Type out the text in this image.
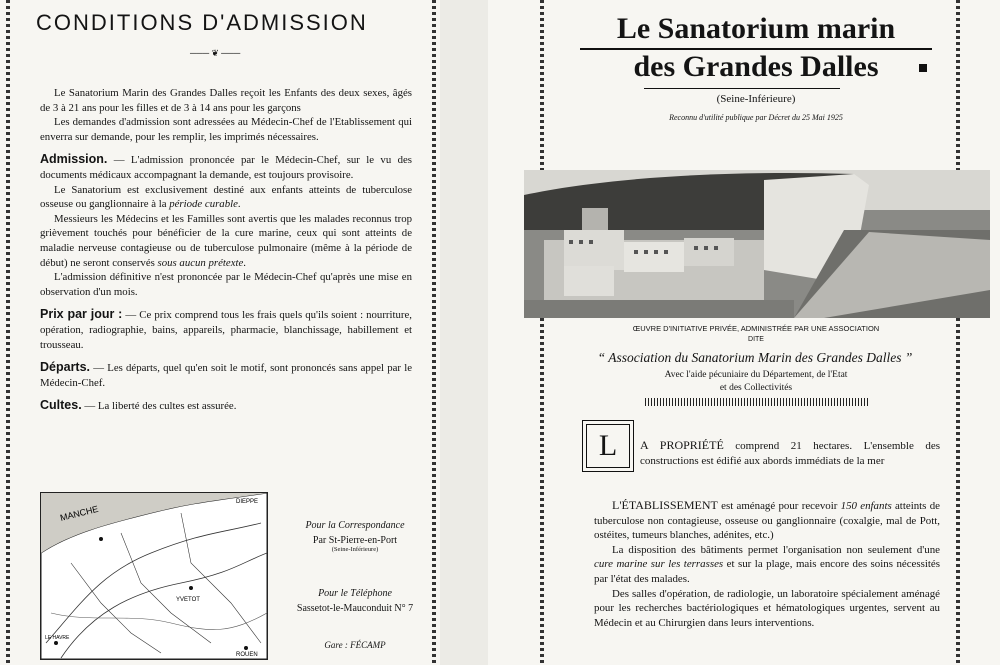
CONDITIONS D'ADMISSION
─── ❦ ───

Le Sanatorium Marin des Grandes Dalles reçoit les Enfants des deux sexes, âgés de 3 à 21 ans pour les filles et de 3 à 14 ans pour les garçons

Les demandes d'admission sont adressées au Médecin-Chef de l'Etablissement qui enverra sur demande, pour les remplir, les imprimés nécessaires.

Admission. — L'admission prononcée par le Médecin-Chef, sur le vu des documents médicaux accompagnant la demande, est toujours provisoire.

Le Sanatorium est exclusivement destiné aux enfants atteints de tuberculose osseuse ou ganglionnaire à la période curable.

Messieurs les Médecins et les Familles sont avertis que les malades reconnus trop grièvement touchés pour bénéficier de la cure marine, ceux qui sont atteints de maladie nerveuse contagieuse ou de tuberculose pulmonaire (même à la période de début) ne seront conservés sous aucun prétexte.

L'admission définitive n'est prononcée par le Médecin-Chef qu'après une mise en observation d'un mois.

Prix par jour : — Ce prix comprend tous les frais quels qu'ils soient : nourriture, opération, radiographie, bains, appareils, pharmacie, blanchissage, habillement et trousseau.

Départs. — Les départs, quel qu'en soit le motif, sont prononcés sans appel par le Médecin-Chef.

Cultes. — La liberté des cultes est assurée.

MANCHE
DIEPPE
YVETOT
ROUEN
LE HAVRE
Pour la Correspondance
Par St-Pierre-en-Port
(Seine-Inférieure)
Pour le Téléphone
Sassetot-le-Mauconduit N° 7
Gare : FÉCAMP
Le Sanatorium marin
des Grandes Dalles
(Seine-Inférieure)
Reconnu d'utilité publique par Décret du 25 Mai 1925
ŒUVRE D'INITIATIVE PRIVÉE, ADMINISTRÉE PAR UNE ASSOCIATION
DITE
“ Association du Sanatorium Marin des Grandes Dalles ”
Avec l'aide pécuniaire du Département, de l'Etat
et des Collectivités
L	A PROPRIÉTÉ comprend 21 hectares. L'ensemble des constructions est édifié aux abords immédiats de la mer

L'ÉTABLISSEMENT est aménagé pour recevoir 150 enfants atteints de tuberculose non contagieuse, osseuse ou ganglionnaire (coxalgie, mal de Pott, ostéites, tumeurs blanches, adénites, etc.)

La disposition des bâtiments permet l'organisation non seulement d'une cure marine sur les terrasses et sur la plage, mais encore des soins nécessités par l'état des malades.

Des salles d'opération, de radiologie, un laboratoire spécialement aménagé pour les recherches bactériologiques et hématologiques urgentes, servent au Médecin et au Chirurgien dans leurs interventions.
